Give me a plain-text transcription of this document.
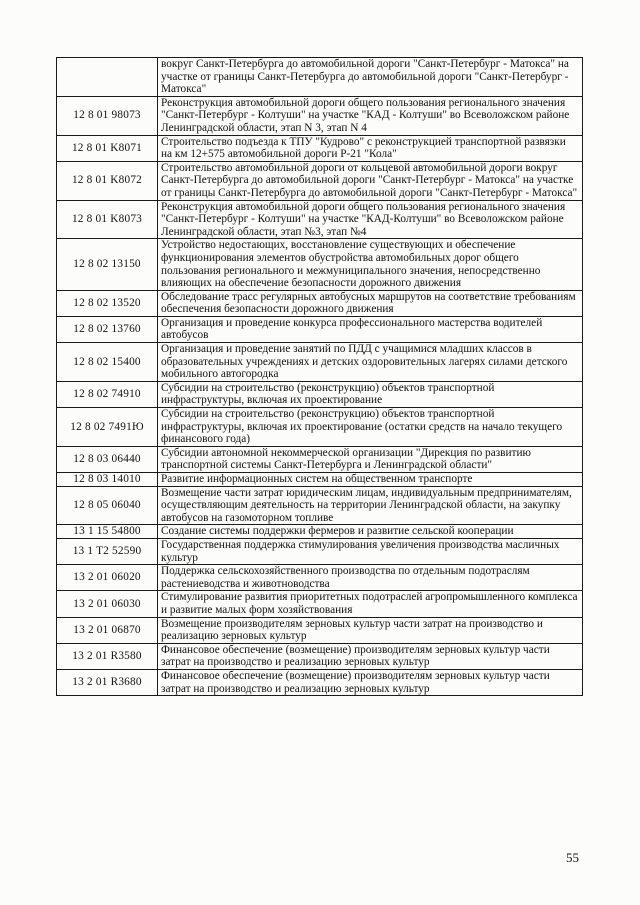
	вокруг Санкт-Петербурга до автомобильной дороги "Санкт-Петербург - Матокса" на участке от границы Санкт-Петербурга до автомобильной дороги "Санкт-Петербург - Матокса"
12 8 01 98073	Реконструкция автомобильной дороги общего пользования регионального значения "Санкт-Петербург - Колтуши" на участке "КАД - Колтуши" во Всеволожском районе Ленинградской области, этап N 3, этап N 4
12 8 01 K8071	Строительство подъезда к ТПУ "Кудрово" с реконструкцией транспортной развязки на км 12+575 автомобильной дороги Р-21 "Кола"
12 8 01 K8072	Строительство автомобильной дороги от кольцевой автомобильной дороги вокруг Санкт-Петербурга до автомобильной дороги "Санкт-Петербург - Матокса" на участке от границы Санкт-Петербурга до автомобильной дороги "Санкт-Петербург - Матокса"
12 8 01 K8073	Реконструкция автомобильной дороги общего пользования регионального значения "Санкт-Петербург - Колтуши" на участке "КАД-Колтуши" во Всеволожском районе Ленинградской области, этап №3, этап №4
12 8 02 13150	Устройство недостающих, восстановление существующих и обеспечение функционирования элементов обустройства автомобильных дорог общего пользования регионального и межмуниципального значения, непосредственно влияющих на обеспечение безопасности дорожного движения
12 8 02 13520	Обследование трасс регулярных автобусных маршрутов на соответствие требованиям обеспечения безопасности дорожного движения
12 8 02 13760	Организация и проведение конкурса профессионального мастерства водителей автобусов
12 8 02 15400	Организация и проведение занятий по ПДД с учащимися младших классов в образовательных учреждениях и детских оздоровительных лагерях силами детского мобильного автогородка
12 8 02 74910	Субсидии на строительство (реконструкцию) объектов транспортной инфраструктуры, включая их проектирование
12 8 02 7491Ю	Субсидии на строительство (реконструкцию) объектов транспортной инфраструктуры, включая их проектирование (остатки средств на начало текущего финансового года)
12 8 03 06440	Субсидии автономной некоммерческой организации "Дирекция по развитию транспортной системы Санкт-Петербурга и Ленинградской области"
12 8 03 14010	Развитие информационных систем на общественном транспорте
12 8 05 06040	Возмещение части затрат юридическим лицам, индивидуальным предпринимателям, осуществляющим деятельность на территории Ленинградской области, на закупку автобусов на газомоторном топливе
13 1 15 54800	Создание системы поддержки фермеров и развитие сельской кооперации
13 1 T2 52590	Государственная поддержка стимулирования увеличения производства масличных культур
13 2 01 06020	Поддержка сельскохозяйственного производства по отдельным подотраслям растениеводства и животноводства
13 2 01 06030	Стимулирование развития приоритетных подотраслей агропромышленного комплекса и развитие малых форм хозяйствования
13 2 01 06870	Возмещение производителям зерновых культур части затрат на производство и реализацию зерновых культур
13 2 01 R3580	Финансовое обеспечение (возмещение) производителям зерновых культур части затрат на производство и реализацию зерновых культур
13 2 01 R3680	Финансовое обеспечение (возмещение) производителям зерновых культур части затрат на производство и реализацию зерновых культур
55
